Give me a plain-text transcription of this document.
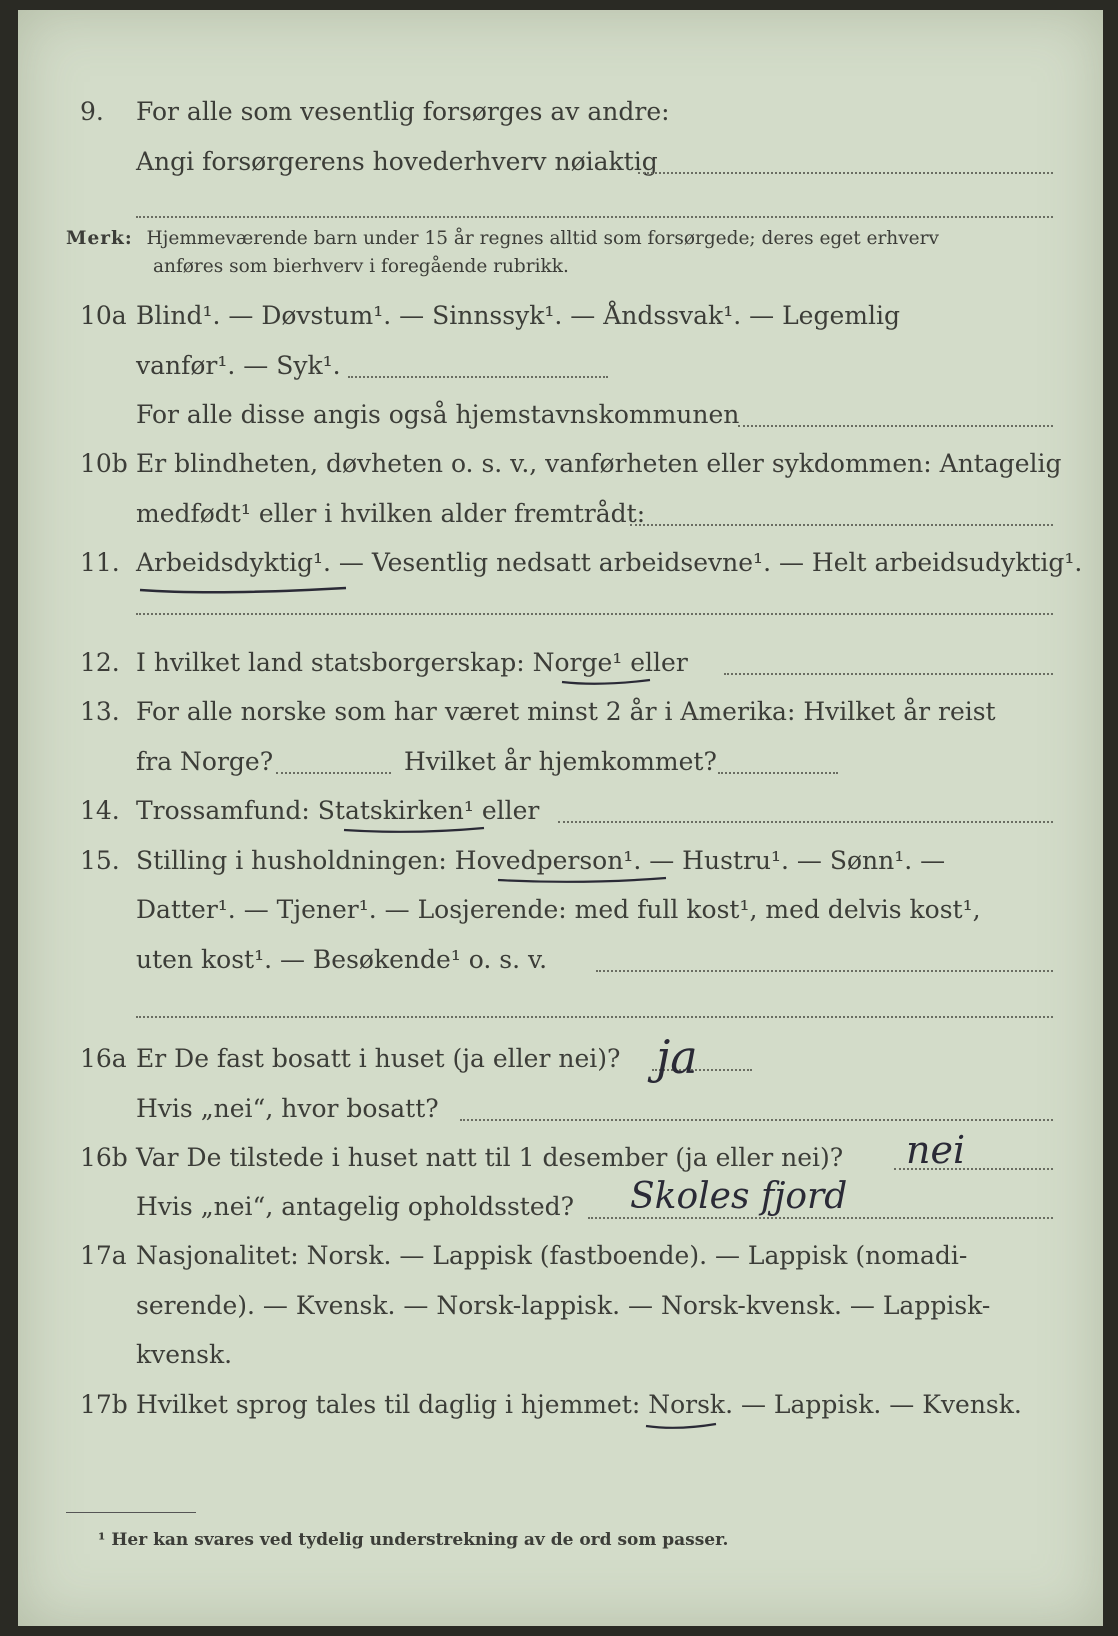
9. For alle som vesentlig forsørges av andre:
Angi forsørgerens hovederhverv nøiaktig
Merk: Hjemmeværende barn under 15 år regnes alltid som forsørgede; deres eget erhverv
anføres som bierhverv i foregående rubrikk.
10a Blind¹. — Døvstum¹. — Sinnssyk¹. — Åndssvak¹. — Legemlig
vanfør¹. — Syk¹.
For alle disse angis også hjemstavnskommunen
10b Er blindheten, døvheten o. s. v., vanførheten eller sykdommen: Antagelig
medfødt¹ eller i hvilken alder fremtrådt:
11. Arbeidsdyktig¹. — Vesentlig nedsatt arbeidsevne¹. — Helt arbeidsudyktig¹.
12. I hvilket land statsborgerskap: Norge¹ eller
13. For alle norske som har været minst 2 år i Amerika: Hvilket år reist
fra Norge?	Hvilket år hjemkommet?
14. Trossamfund: Statskirken¹ eller
15. Stilling i husholdningen: Hovedperson¹. — Hustru¹. — Sønn¹. —
Datter¹. — Tjener¹. — Losjerende: med full kost¹, med delvis kost¹,
uten kost¹. — Besøkende¹ o. s. v.
16a Er De fast bosatt i huset (ja eller nei)? ja
Hvis „nei“, hvor bosatt?
16b Var De tilstede i huset natt til 1 desember (ja eller nei)? nei
Hvis „nei“, antagelig opholdssted? Skoles fjord
17a Nasjonalitet: Norsk. — Lappisk (fastboende). — Lappisk (nomadi-
serende). — Kvensk. — Norsk-lappisk. — Norsk-kvensk. — Lappisk-
kvensk.
17b Hvilket sprog tales til daglig i hjemmet: Norsk. — Lappisk. — Kvensk.
¹ Her kan svares ved tydelig understrekning av de ord som passer.
